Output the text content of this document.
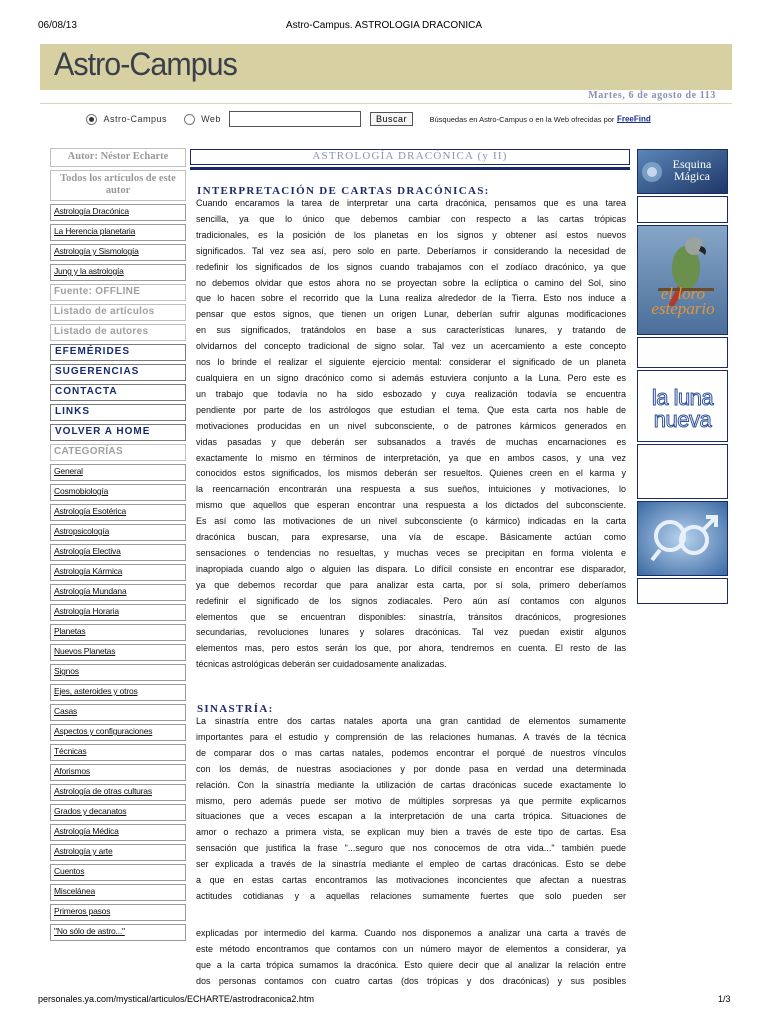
06/08/13	Astro-Campus. ASTROLOGIA DRACONICA
Astro-Campus
Martes, 6 de agosto de 113
Astro-Campus	Web	Buscar	Búsquedas en Astro-Campus o en la Web ofrecidas por FreeFind
Autor: Néstor Echarte
Todos los artículos de este autor
Astrología Dracónica
La Herencia planetaria
Astrología y Sismología
Jung y la astrología
Fuente: OFFLINE
Listado de artículos
Listado de autores
EFEMÉRIDES
SUGERENCIAS
CONTACTA
LINKS
VOLVER A HOME
CATEGORÍAS
General
Cosmobiología
Astrología Esotérica
Astropsicología
Astrología Electiva
Astrología Kármica
Astrología Mundana
Astrología Horaria
Planetas
Nuevos Planetas
Signos
Ejes, asteroides y otros
Casas
Aspectos y configuraciones
Técnicas
Aforismos
Astrología de otras culturas
Grados y decanatos
Astrología Médica
Astrología y arte
Cuentos
Miscelánea
Primeros pasos
"No sólo de astro..."
ASTROLOGÍA DRACÓNICA (y II)
INTERPRETACIÓN DE CARTAS DRACÓNICAS:
Cuando encaramos la tarea de interpretar una carta dracónica, pensamos que es una tarea
sencilla, ya que lo único que debemos cambiar con respecto a las cartas trópicas
tradicionales, es la posición de los planetas en los signos y obtener así estos nuevos
significados. Tal vez sea así, pero solo en parte. Deberíamos ir considerando la necesidad de
redefinir los significados de los signos cuando trabajamos con el zodíaco dracónico, ya que
no debemos olvidar que estos ahora no se proyectan sobre la eclíptica o camino del Sol, sino
que lo hacen sobre el recorrido que la Luna realiza alrededor de la Tierra. Esto nos induce a
pensar que estos signos, que tienen un origen Lunar, deberían sufrir algunas modificaciones
en sus significados, tratándolos en base a sus características lunares, y tratando de
olvidarnos del concepto tradicional de signo solar. Tal vez un acercamiento a este concepto
nos lo brinde el realizar el siguiente ejercicio mental: considerar el significado de un planeta
cualquiera en un signo dracónico como si además estuviera conjunto a la Luna. Pero este es
un trabajo que todavía no ha sido esbozado y cuya realización todavía se encuentra
pendiente por parte de los astrólogos que estudian el tema. Que esta carta nos hable de
motivaciones producidas en un nivel subconsciente, o de patrones kármicos generados en
vidas pasadas y que deberán ser subsanados a través de muchas encarnaciones es
exactamente lo mismo en términos de interpretación, ya que en ambos casos, y una vez
conocidos estos significados, los mismos deberán ser resueltos. Quienes creen en el karma y
la reencarnación encontrarán una respuesta a sus sueños, intuiciones y motivaciones, lo
mismo que aquellos que esperan encontrar una respuesta a los dictados del subconsciente.
Es así como las motivaciones de un nivel subconsciente (o kármico) indicadas en la carta
dracónica buscan, para expresarse, una vía de escape. Básicamente actúan como
sensaciones o tendencias no resueltas, y muchas veces se precipitan en forma violenta e
inapropiada cuando algo o alguien las dispara. Lo difícil consiste en encontrar ese disparador,
ya que debemos recordar que para analizar esta carta, por sí sola, primero deberíamos
redefinir el significado de los signos zodiacales. Pero aún así contamos con algunos
elementos que se encuentran disponibles: sinastría, tránsitos dracónicos, progresiones
secundarias, revoluciones lunares y solares dracónicas. Tal vez puedan existir algunos
elementos mas, pero estos serán los que, por ahora, tendremos en cuenta. El resto de las
técnicas astrológicas deberán ser cuidadosamente analizadas.
SINASTRÍA:
La sinastría entre dos cartas natales aporta una gran cantidad de elementos sumamente
importantes para el estudio y comprensión de las relaciones humanas. A través de la técnica
de comparar dos o mas cartas natales, podemos encontrar el porqué de nuestros vínculos
con los demás, de nuestras asociaciones y por donde pasa en verdad una determinada
relación. Con la sinastría mediante la utilización de cartas dracónicas sucede exactamente lo
mismo, pero además puede ser motivo de múltiples sorpresas ya que permite explicarnos
situaciones que a veces escapan a la interpretación de una carta trópica. Situaciones de
amor o rechazo a primera vista, se explican muy bien a través de este tipo de cartas. Esa
sensación que justifica la frase "...seguro que nos conocemos de otra vida..." también puede
ser explicada a través de la sinastría mediante el empleo de cartas dracónicas. Esto se debe
a que en estas cartas encontramos las motivaciones inconcientes que afectan a nuestras
actitudes cotidianas y a aquellas relaciones sumamente fuertes que solo pueden ser
explicadas por intermedio del karma. Cuando nos disponemos a analizar una carta a través de
este método encontramos que contamos con un número mayor de elementos a considerar, ya
que a la carta trópica sumamos la dracónica. Esto quiere decir que al analizar la relación entre
dos personas contamos con cuatro cartas (dos trópicas y dos dracónicas) y sus posibles
Esquina Mágica
el loro estepario
la luna nueva
personales.ya.com/mystical/articulos/ECHARTE/astrodraconica2.htm	1/3
